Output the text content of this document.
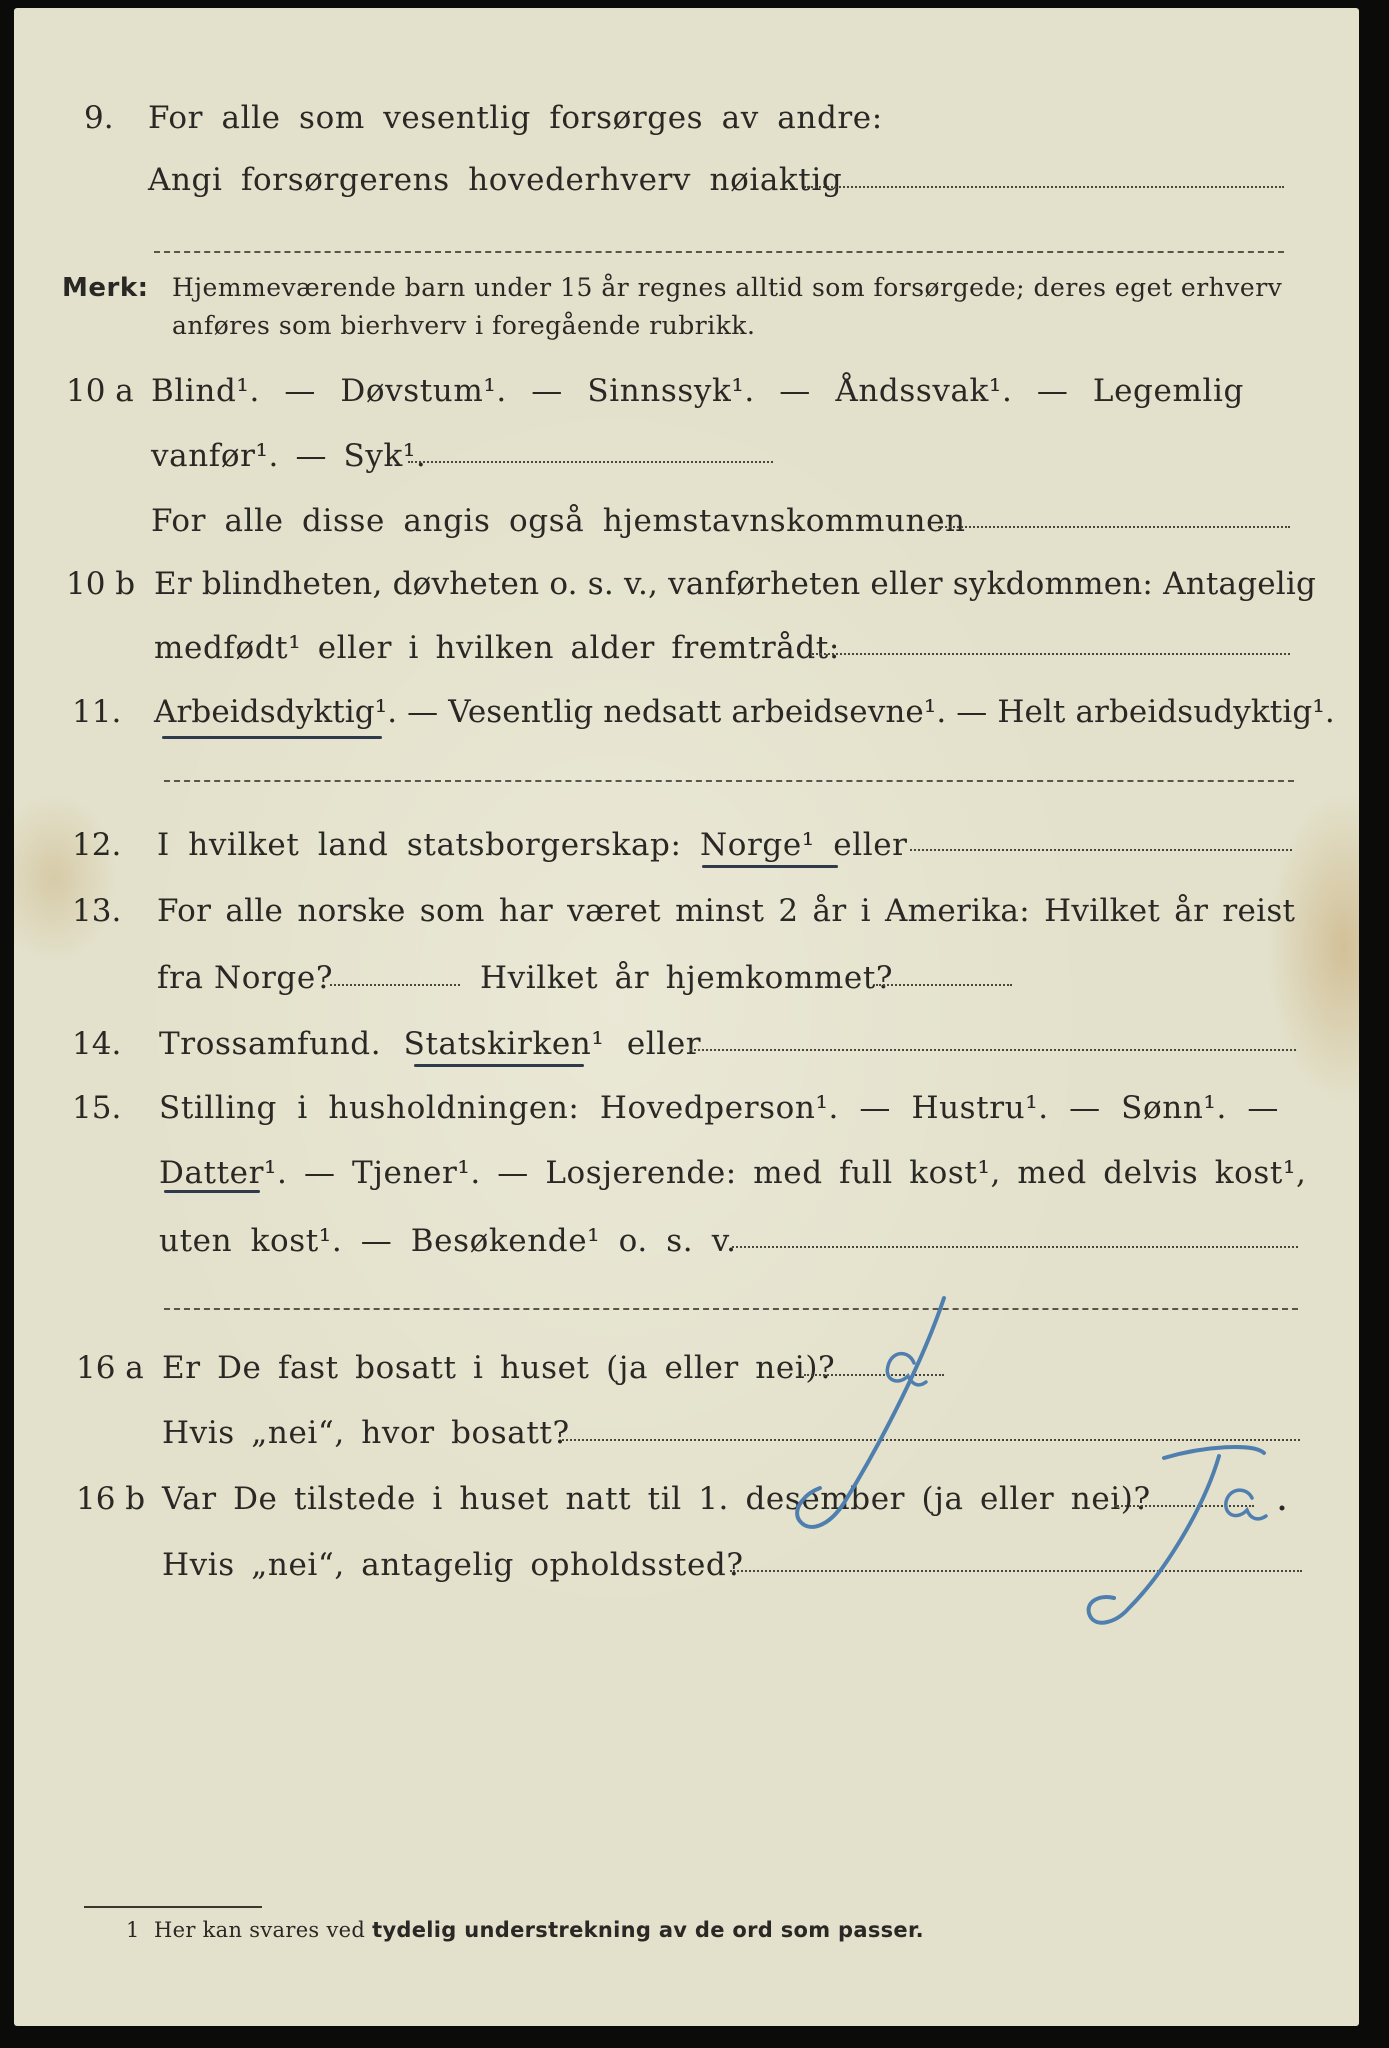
9. For alle som vesentlig forsørges av andre:
Angi forsørgerens hovederhverv nøiaktig
Merk: Hjemmeværende barn under 15 år regnes alltid som forsørgede; deres eget erhverv
anføres som bierhverv i foregående rubrikk.
10 a Blind¹. — Døvstum¹. — Sinnssyk¹. — Åndssvak¹. — Legemlig
vanfør¹. — Syk¹.
For alle disse angis også hjemstavnskommunen
10 b Er blindheten, døvheten o. s. v., vanførheten eller sykdommen: Antagelig
medfødt¹ eller i hvilken alder fremtrådt:
11. Arbeidsdyktig¹. — Vesentlig nedsatt arbeidsevne¹. — Helt arbeidsudyktig¹.
12. I hvilket land statsborgerskap: Norge¹ eller
13. For alle norske som har været minst 2 år i Amerika: Hvilket år reist
fra Norge?	Hvilket år hjemkommet?
14. Trossamfund. Statskirken¹ eller
15. Stilling i husholdningen: Hovedperson¹. — Hustru¹. — Sønn¹. —
Datter¹. — Tjener¹. — Losjerende: med full kost¹, med delvis kost¹,
uten kost¹. — Besøkende¹ o. s. v.
16 a Er De fast bosatt i huset (ja eller nei)?
Hvis „nei“, hvor bosatt?
16 b Var De tilstede i huset natt til 1. desember (ja eller nei)?
Hvis „nei“, antagelig opholdssted?
1 Her kan svares ved tydelig understrekning av de ord som passer.
